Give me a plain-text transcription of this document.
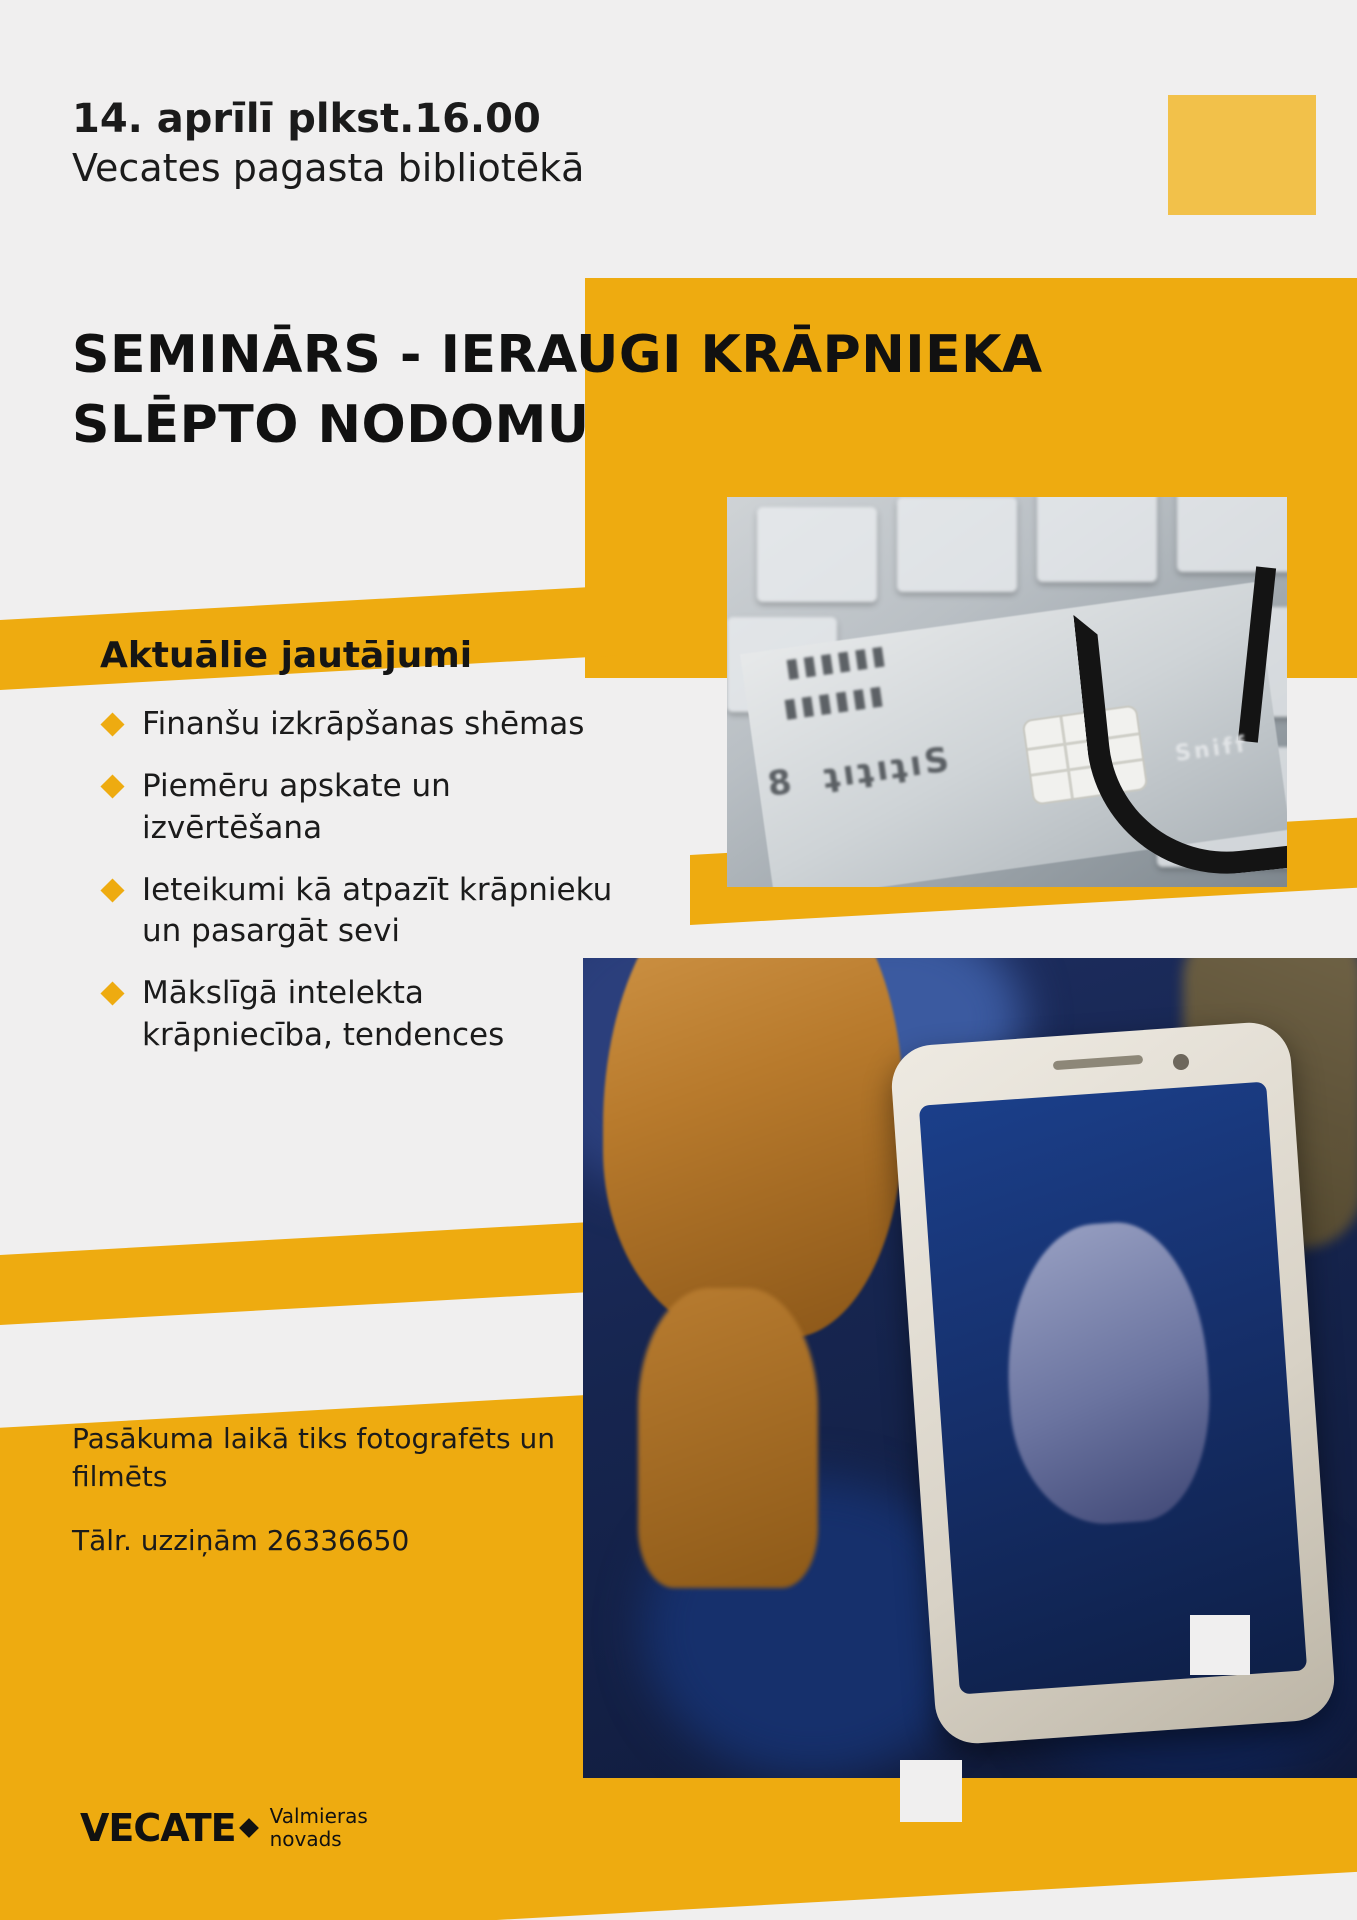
▮▮▮▮▮▮
▮▮▮▮▮▮
8  ʇıʇıʇıS	Sniff
14. aprīlī plkst.16.00
Vecates pagasta bibliotēkā
SEMINĀRS - IERAUGI KRĀPNIEKA SLĒPTO NODOMU
Aktuālie jautājumi
Finanšu izkrāpšanas shēmas
Piemēru apskate un izvērtēšana
Ieteikumi kā atpazīt krāpnieku un pasargāt sevi
Mākslīgā intelekta krāpniecība, tendences

Pasākuma laikā tiks fotografēts un filmēts

Tālr. uzziņām 26336650

VECATE Valmieras
novads
